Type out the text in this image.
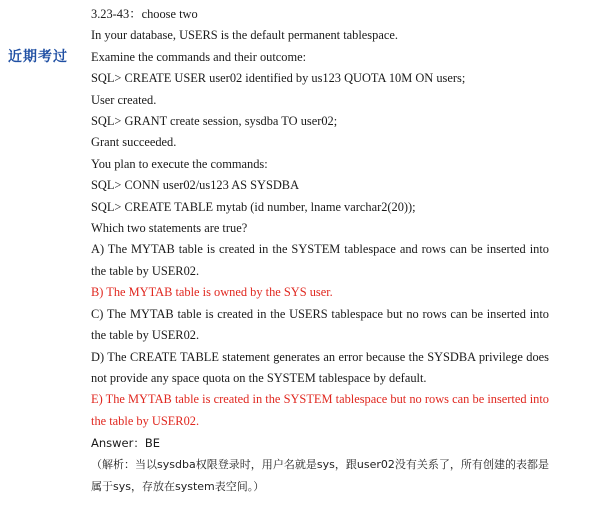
近期考过
3.23-43：choose two
In your database, USERS is the default permanent tablespace.
Examine the commands and their outcome:
SQL> CREATE USER user02 identified by us123 QUOTA 10M ON users;
User created.
SQL> GRANT create session, sysdba TO user02;
Grant succeeded.
You plan to execute the commands:
SQL> CONN user02/us123 AS SYSDBA
SQL> CREATE TABLE mytab (id number, lname varchar2(20));
Which two statements are true?
A) The MYTAB table is created in the SYSTEM tablespace and rows can be inserted into the table by USER02.
B) The MYTAB table is owned by the SYS user.
C) The MYTAB table is created in the USERS tablespace but no rows can be inserted into the table by USER02.
D) The CREATE TABLE statement generates an error because the SYSDBA privilege does not provide any space quota on the SYSTEM tablespace by default.
E) The MYTAB table is created in the SYSTEM tablespace but no rows can be inserted into the table by USER02.
Answer：BE
（解析：当以sysdba权限登录时，用户名就是sys，跟user02没有关系了，所有创建的表都是属于sys，存放在system表空间。）
